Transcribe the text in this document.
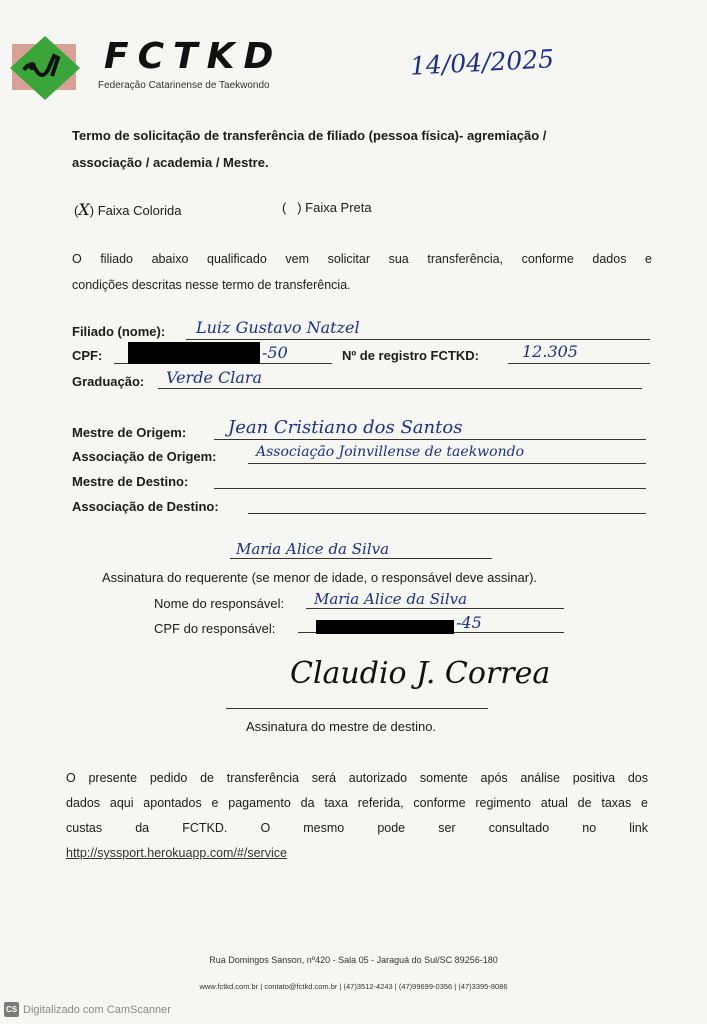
FCTKD
Federação Catarinense de Taekwondo
14/04/2025
Termo de solicitação de transferência de filiado (pessoa física)- agremiação /
associação / academia / Mestre.
(X) Faixa Colorida	( ) Faixa Preta
O filiado abaixo qualificado vem solicitar sua transferência, conforme dados e
condições descritas nesse termo de transferência.
Filiado (nome): Luiz Gustavo Natzel
CPF:	-50	Nº de registro FCTKD:	12.305
Graduação: Verde Clara
Mestre de Origem: Jean Cristiano dos Santos
Associação de Origem:	Associação Joinvillense de taekwondo
Mestre de Destino:
Associação de Destino:
Maria Alice da Silva
Assinatura do requerente (se menor de idade, o responsável deve assinar).
Nome do responsável: Maria Alice da Silva
CPF do responsável:	-45
Claudio J. Correa
Assinatura do mestre de destino.
O presente pedido de transferência será autorizado somente após análise positiva dos
dados aqui apontados e pagamento da taxa referida, conforme regimento atual de taxas e
custas da FCTKD. O mesmo pode ser consultado no link
http://syssport.herokuapp.com/#/service
Rua Domingos Sanson, nº420 - Sala 05 - Jaraguá do Sul/SC 89256-180
www.fctkd.com.br | contato@fctkd.com.br | (47)3512-4243 | (47)99699-0356 | (47)3395-8086
CS Digitalizado com CamScanner
